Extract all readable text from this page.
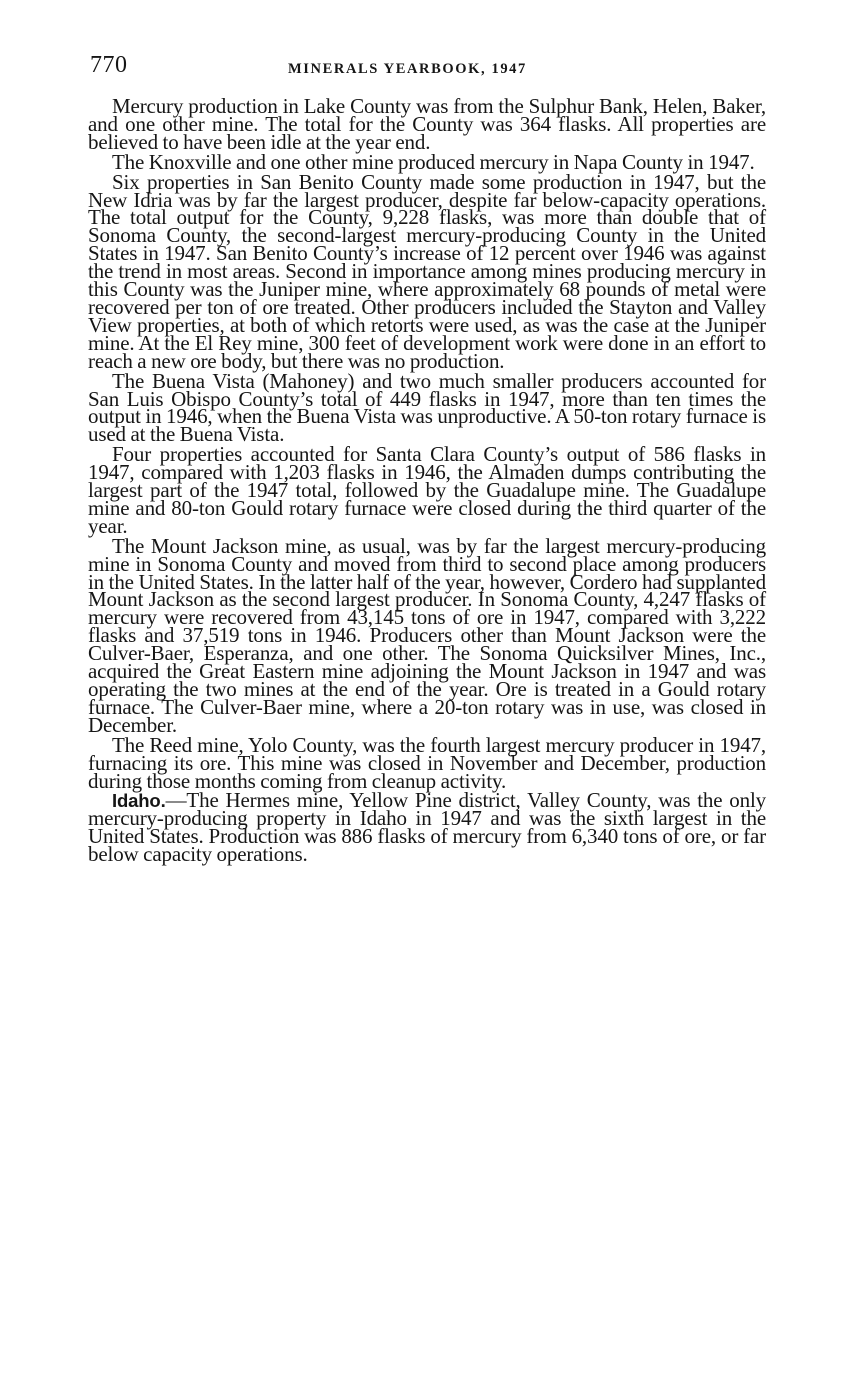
770	MINERALS YEARBOOK, 1947

Mercury production in Lake County was from the Sulphur Bank, Helen, Baker, and one other mine. The total for the County was 364 flasks. All properties are believed to have been idle at the year end.

The Knoxville and one other mine produced mercury in Napa County in 1947.

Six properties in San Benito County made some production in 1947, but the New Idria was by far the largest producer, despite far below-capacity operations. The total output for the County, 9,228 flasks, was more than double that of Sonoma County, the second-largest mercury-producing County in the United States in 1947. San Benito County’s increase of 12 percent over 1946 was against the trend in most areas. Second in importance among mines producing mercury in this County was the Juniper mine, where approximately 68 pounds of metal were recovered per ton of ore treated. Other producers included the Stayton and Valley View properties, at both of which retorts were used, as was the case at the Juniper mine. At the El Rey mine, 300 feet of development work were done in an effort to reach a new ore body, but there was no production.

The Buena Vista (Mahoney) and two much smaller producers accounted for San Luis Obispo County’s total of 449 flasks in 1947, more than ten times the output in 1946, when the Buena Vista was unproductive. A 50-ton rotary furnace is used at the Buena Vista.

Four properties accounted for Santa Clara County’s output of 586 flasks in 1947, compared with 1,203 flasks in 1946, the Almaden dumps contributing the largest part of the 1947 total, followed by the Guadalupe mine. The Guadalupe mine and 80-ton Gould rotary furnace were closed during the third quarter of the year.

The Mount Jackson mine, as usual, was by far the largest mercury-producing mine in Sonoma County and moved from third to second place among producers in the United States. In the latter half of the year, however, Cordero had supplanted Mount Jackson as the second largest producer. In Sonoma County, 4,247 flasks of mercury were recovered from 43,145 tons of ore in 1947, compared with 3,222 flasks and 37,519 tons in 1946. Producers other than Mount Jackson were the Culver-Baer, Esperanza, and one other. The Sonoma Quicksilver Mines, Inc., acquired the Great Eastern mine adjoining the Mount Jackson in 1947 and was operating the two mines at the end of the year. Ore is treated in a Gould rotary furnace. The Culver-Baer mine, where a 20-ton rotary was in use, was closed in December.

The Reed mine, Yolo County, was the fourth largest mercury producer in 1947, furnacing its ore. This mine was closed in November and December, production during those months coming from cleanup activity.

Idaho.—The Hermes mine, Yellow Pine district, Valley County, was the only mercury-producing property in Idaho in 1947 and was the sixth largest in the United States. Production was 886 flasks of mercury from 6,340 tons of ore, or far below capacity operations.
